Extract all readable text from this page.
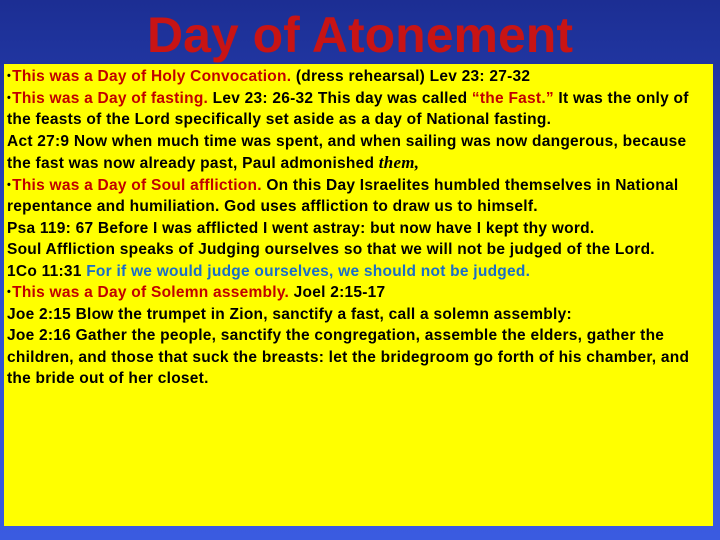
Day of Atonement

•This was a Day of Holy Convocation. (dress rehearsal) Lev 23: 27-32

•This was a Day of fasting. Lev 23: 26-32 This day was called “the Fast.” It was the only of the feasts of the Lord specifically set aside as a day of National fasting.

Act 27:9 Now when much time was spent, and when sailing was now dangerous, because the fast was now already past, Paul admonished them,

•This was a Day of Soul affliction. On this Day Israelites humbled themselves in National repentance and humiliation. God uses affliction to draw us to himself.

Psa 119: 67 Before I was afflicted I went astray: but now have I kept thy word.

Soul Affliction speaks of Judging ourselves so that we will not be judged of the Lord.

1Co 11:31 For if we would judge ourselves, we should not be judged.

•This was a Day of Solemn assembly. Joel 2:15-17

Joe 2:15 Blow the trumpet in Zion, sanctify a fast, call a solemn assembly:

Joe 2:16 Gather the people, sanctify the congregation, assemble the elders, gather the children, and those that suck the breasts: let the bridegroom go forth of his chamber, and the bride out of her closet.
